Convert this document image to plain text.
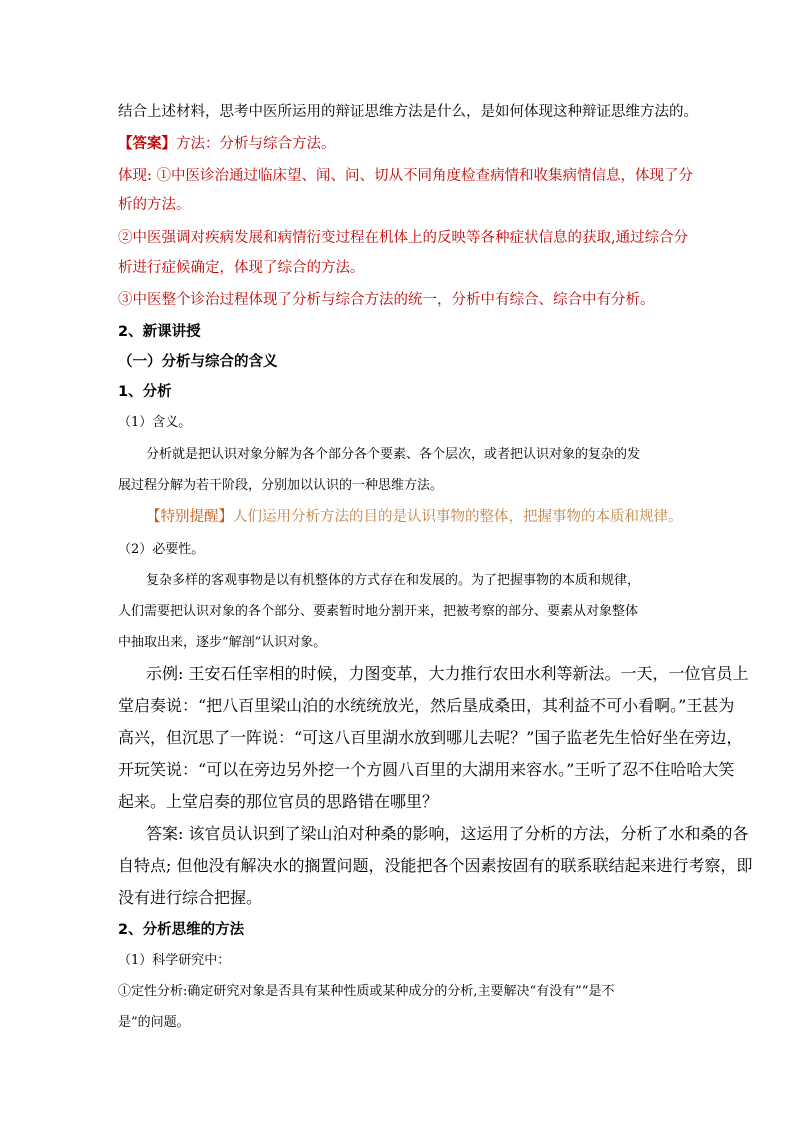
结合上述材料，思考中医所运用的辩证思维方法是什么，是如何体现这种辩证思维方法的。
【答案】方法：分析与综合方法。
体现: ①中医诊治通过临床望、闻、问、切从不同角度检查病情和收集病情信息，体现了分
析的方法。
②中医强调对疾病发展和病情衍变过程在机体上的反映等各种症状信息的获取,通过综合分
析进行症候确定，体现了综合的方法。
③中医整个诊治过程体现了分析与综合方法的统一，分析中有综合、综合中有分析。
2、新课讲授
（一）分析与综合的含义
1、分析
（1）含义。
分析就是把认识对象分解为各个部分各个要素、各个层次，或者把认识对象的复杂的发
展过程分解为若干阶段，分别加以认识的一种思维方法。
【特别提醒】人们运用分析方法的目的是认识事物的整体，把握事物的本质和规律。
（2）必要性。
复杂多样的客观事物是以有机整体的方式存在和发展的。为了把握事物的本质和规律，
人们需要把认识对象的各个部分、要素暂时地分割开来，把被考察的部分、要素从对象整体
中抽取出来，逐步“解剖”认识对象。
示例: 王安石任宰相的时候，力图变革，大力推行农田水利等新法。一天，一位官员上
堂启奏说：“把八百里梁山泊的水统统放光，然后垦成桑田，其利益不可小看啊。”王甚为
高兴，但沉思了一阵说：“可这八百里湖水放到哪儿去呢？”国子监老先生恰好坐在旁边，
开玩笑说：“可以在旁边另外挖一个方圆八百里的大湖用来容水。”王听了忍不住哈哈大笑
起来。上堂启奏的那位官员的思路错在哪里？
答案: 该官员认识到了梁山泊对种桑的影响，这运用了分析的方法，分析了水和桑的各
自特点; 但他没有解决水的搁置问题，没能把各个因素按固有的联系联结起来进行考察，即
没有进行综合把握。
2、分析思维的方法
（1）科学研究中：
①定性分析:确定研究对象是否具有某种性质或某种成分的分析,主要解决“有没有”“是不
是”的问题。
